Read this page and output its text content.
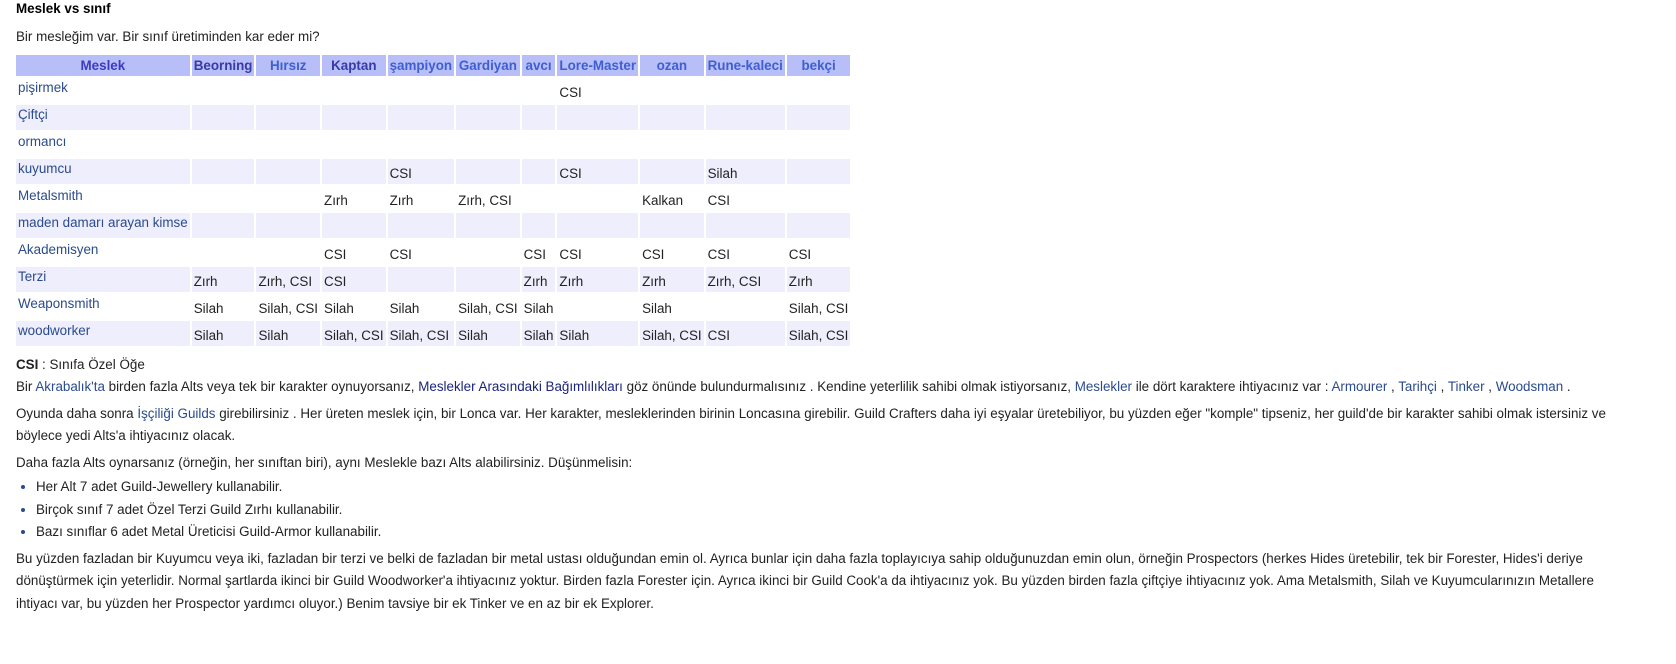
Meslek vs sınıf

Bir mesleğim var. Bir sınıf üretiminden kar eder mi?

Meslek	Beorning	Hırsız	Kaptan	şampiyon	Gardiyan	avcı	Lore-Master	ozan	Rune-kaleci	bekçi
pişirmek							CSI			
Çiftçi										
ormancı										
kuyumcu				CSI			CSI		Silah	
Metalsmith			Zırh	Zırh	Zırh, CSI			Kalkan	CSI	
maden damarı arayan kimse										
Akademisyen			CSI	CSI		CSI	CSI	CSI	CSI	CSI
Terzi	Zırh	Zırh, CSI	CSI			Zırh	Zırh	Zırh	Zırh, CSI	Zırh
Weaponsmith	Silah	Silah, CSI	Silah	Silah	Silah, CSI	Silah		Silah		Silah, CSI
woodworker	Silah	Silah	Silah, CSI	Silah, CSI	Silah	Silah	Silah	Silah, CSI	CSI	Silah, CSI

CSI : Sınıfa Özel Öğe

Bir Akrabalık'ta birden fazla Alts veya tek bir karakter oynuyorsanız, Meslekler Arasındaki Bağımlılıkları göz önünde bulundurmalısınız . Kendine yeterlilik sahibi olmak istiyorsanız, Meslekler ile dört karaktere ihtiyacınız var : Armourer , Tarihçi , Tinker , Woodsman .

Oyunda daha sonra İşçiliği Guilds girebilirsiniz . Her üreten meslek için, bir Lonca var. Her karakter, mesleklerinden birinin Loncasına girebilir. Guild Crafters daha iyi eşyalar üretebiliyor, bu yüzden eğer "komple" tipseniz, her guild'de bir karakter sahibi olmak istersiniz ve
böylece yedi Alts'a ihtiyacınız olacak.

Daha fazla Alts oynarsanız (örneğin, her sınıftan biri), aynı Meslekle bazı Alts alabilirsiniz. Düşünmelisin:

• Her Alt 7 adet Guild-Jewellery kullanabilir.
• Birçok sınıf 7 adet Özel Terzi Guild Zırhı kullanabilir.
• Bazı sınıflar 6 adet Metal Üreticisi Guild-Armor kullanabilir.

Bu yüzden fazladan bir Kuyumcu veya iki, fazladan bir terzi ve belki de fazladan bir metal ustası olduğundan emin ol. Ayrıca bunlar için daha fazla toplayıcıya sahip olduğunuzdan emin olun, örneğin Prospectors (herkes Hides üretebilir, tek bir Forester, Hides'i deriye
dönüştürmek için yeterlidir. Normal şartlarda ikinci bir Guild Woodworker'a ihtiyacınız yoktur. Birden fazla Forester için. Ayrıca ikinci bir Guild Cook'a da ihtiyacınız yok. Bu yüzden birden fazla çiftçiye ihtiyacınız yok. Ama Metalsmith, Silah ve Kuyumcularınızın Metallere
ihtiyacı var, bu yüzden her Prospector yardımcı oluyor.) Benim tavsiye bir ek Tinker ve en az bir ek Explorer.
